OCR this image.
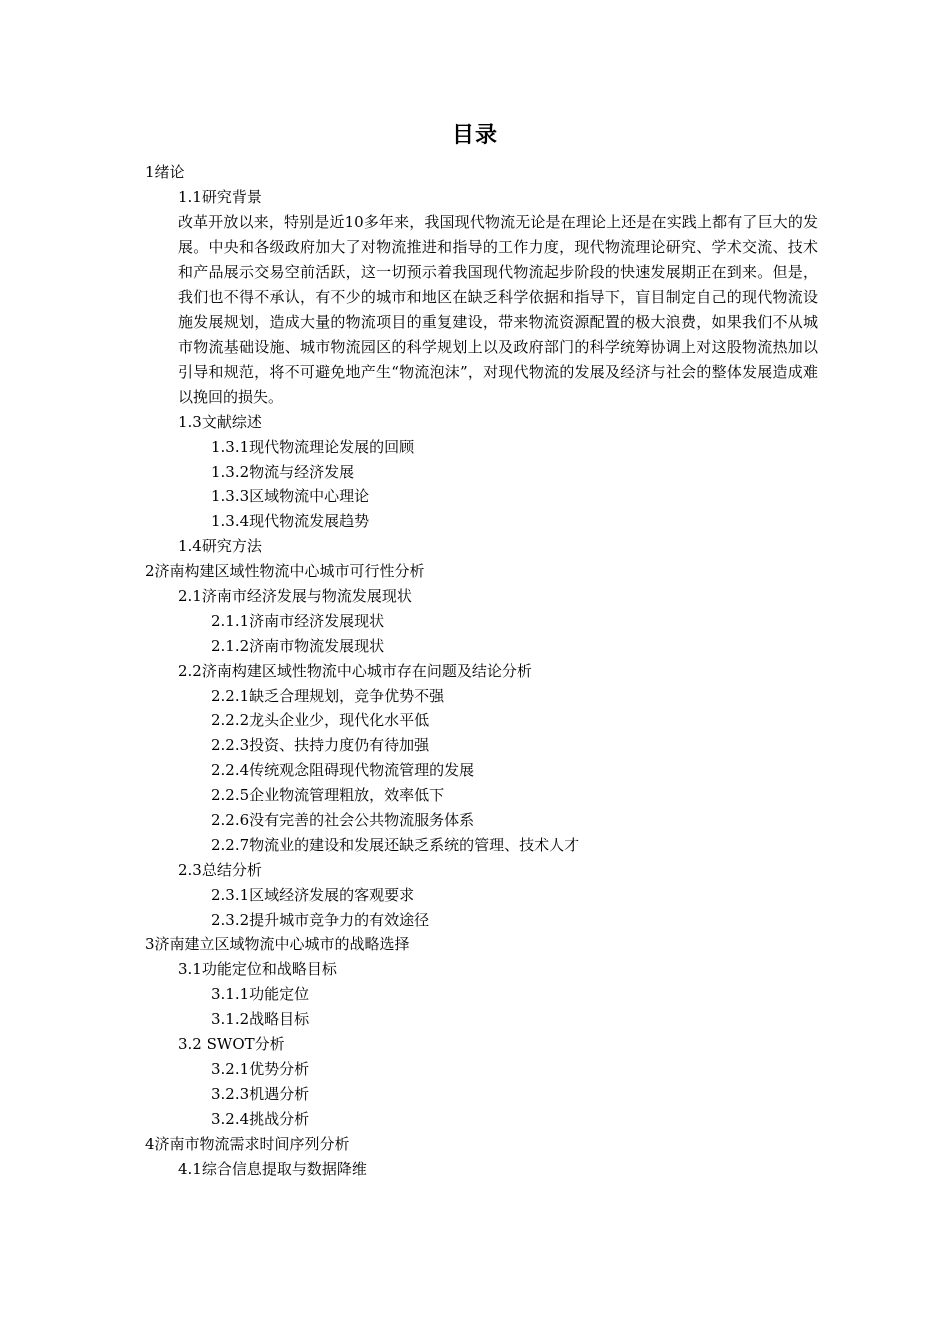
目录
1绪论
1.1研究背景
改革开放以来，特别是近10多年来，我国现代物流无论是在理论上还是在实践上都有了巨大的发展。中央和各级政府加大了对物流推进和指导的工作力度，现代物流理论研究、学术交流、技术和产品展示交易空前活跃，这一切预示着我国现代物流起步阶段的快速发展期正在到来。但是，我们也不得不承认，有不少的城市和地区在缺乏科学依据和指导下，盲目制定自己的现代物流设施发展规划，造成大量的物流项目的重复建设，带来物流资源配置的极大浪费，如果我们不从城市物流基础设施、城市物流园区的科学规划上以及政府部门的科学统筹协调上对这股物流热加以引导和规范，将不可避免地产生“物流泡沫”，对现代物流的发展及经济与社会的整体发展造成难以挽回的损失。
1.3文献综述
1.3.1现代物流理论发展的回顾
1.3.2物流与经济发展
1.3.3区域物流中心理论
1.3.4现代物流发展趋势
1.4研究方法
2济南构建区域性物流中心城市可行性分析
2.1济南市经济发展与物流发展现状
2.1.1济南市经济发展现状
2.1.2济南市物流发展现状
2.2济南构建区域性物流中心城市存在问题及结论分析
2.2.1缺乏合理规划，竞争优势不强
2.2.2龙头企业少，现代化水平低
2.2.3投资、扶持力度仍有待加强
2.2.4传统观念阻碍现代物流管理的发展
2.2.5企业物流管理粗放，效率低下
2.2.6没有完善的社会公共物流服务体系
2.2.7物流业的建设和发展还缺乏系统的管理、技术人才
2.3总结分析
2.3.1区域经济发展的客观要求
2.3.2提升城市竞争力的有效途径
3济南建立区域物流中心城市的战略选择
3.1功能定位和战略目标
3.1.1功能定位
3.1.2战略目标
3.2 SWOT分析
3.2.1优势分析
3.2.3机遇分析
3.2.4挑战分析
4济南市物流需求时间序列分析
4.1综合信息提取与数据降维
